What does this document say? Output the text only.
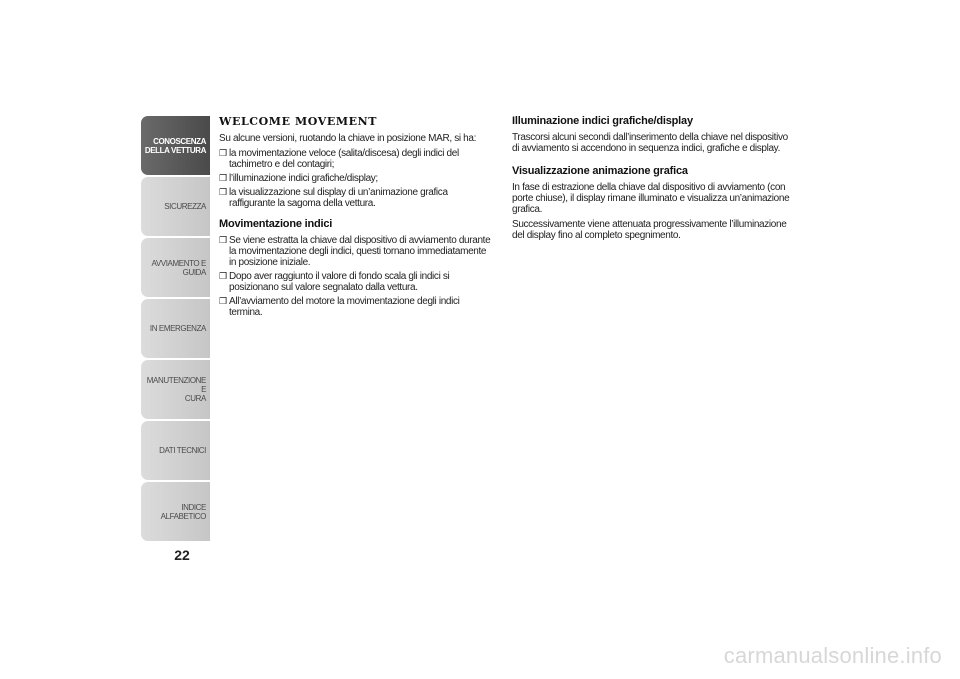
CONOSCENZA
DELLA VETTURA
SICUREZZA
AVVIAMENTO E
GUIDA
IN EMERGENZA
MANUTENZIONE E
CURA
DATI TECNICI
INDICE ALFABETICO
22
WELCOME MOVEMENT

Su alcune versioni, ruotando la chiave in posizione MAR, si ha:

❒ la movimentazione veloce (salita/discesa) degli indici del tachimetro e del contagiri;
❒ l’illuminazione indici grafiche/display;
❒ la visualizzazione sul display di un’animazione grafica raffigurante la sagoma della vettura.
Movimentazione indici
❒ Se viene estratta la chiave dal dispositivo di avviamento durante la movimentazione degli indici, questi tornano immediatamente in posizione iniziale.
❒ Dopo aver raggiunto il valore di fondo scala gli indici si posizionano sul valore segnalato dalla vettura.
❒ All’avviamento del motore la movimentazione degli indici termina.
Illuminazione indici grafiche/display

Trascorsi alcuni secondi dall’inserimento della chiave nel dispositivo di avviamento si accendono in sequenza indici, grafiche e display.

Visualizzazione animazione grafica

In fase di estrazione della chiave dal dispositivo di avviamento (con porte chiuse), il display rimane illuminato e visualizza un’animazione grafica.

Successivamente viene attenuata progressivamente l’illuminazione del display fino al completo spegnimento.

carmanualsonline.info
